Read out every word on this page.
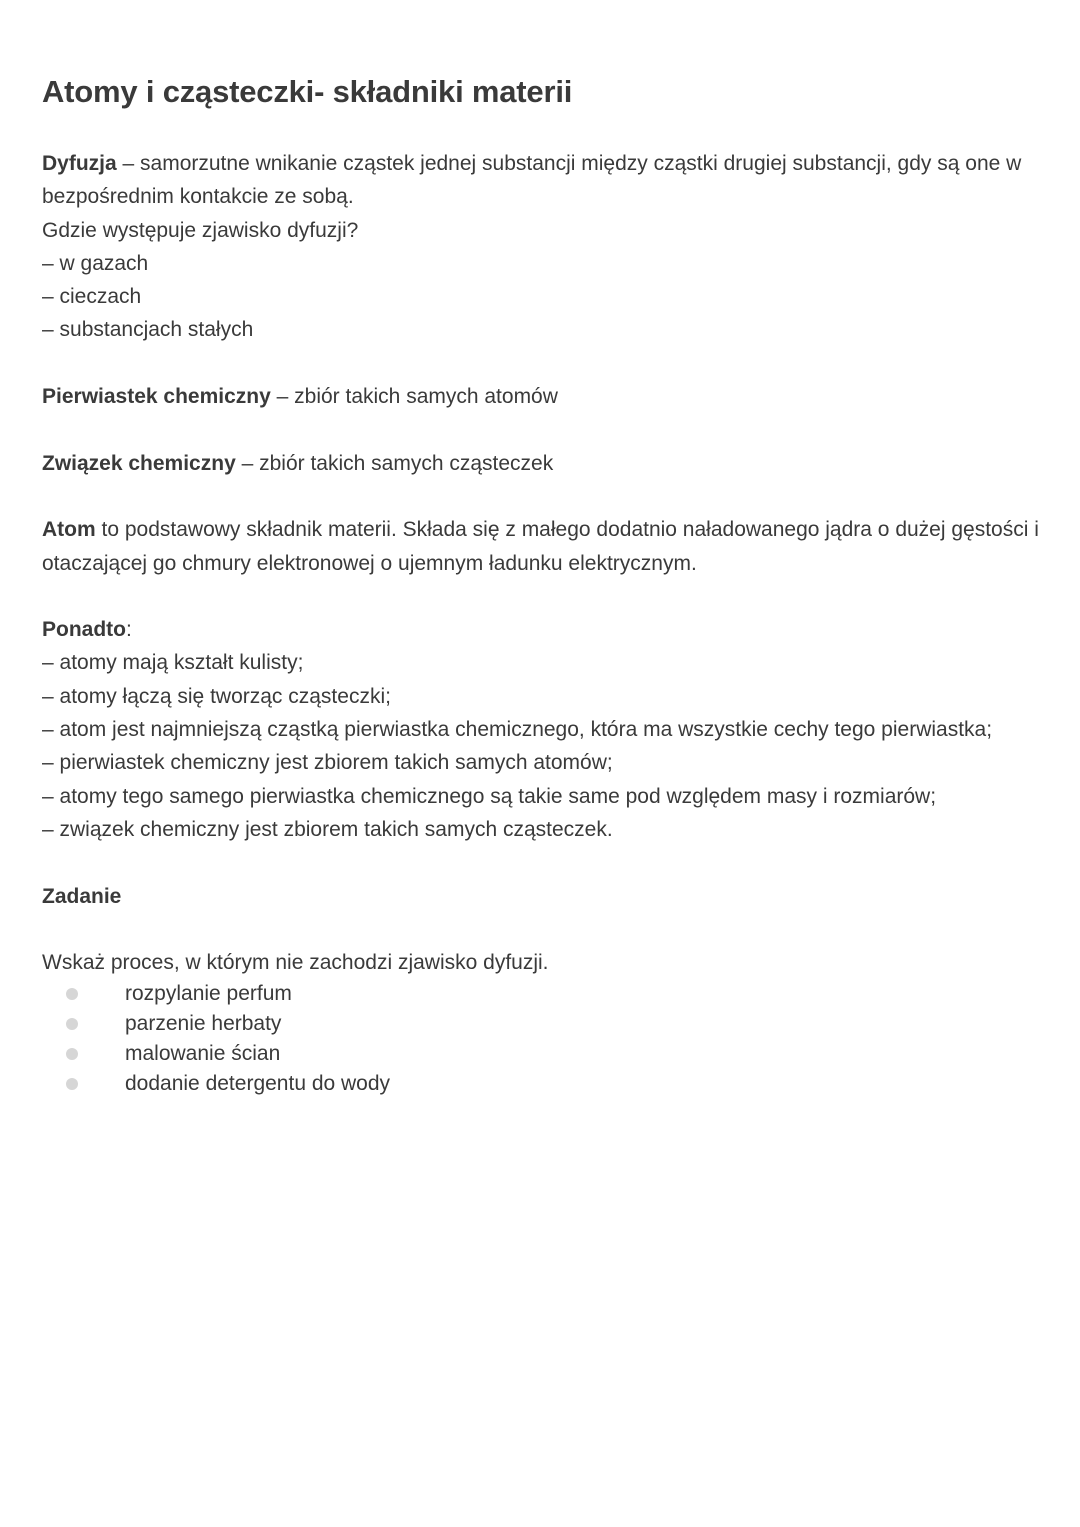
Atomy i cząsteczki- składniki materii

Dyfuzja – samorzutne wnikanie cząstek jednej substancji między cząstki drugiej substancji, gdy są one w bezpośrednim kontakcie ze sobą.

Gdzie występuje zjawisko dyfuzji?

– w gazach

– cieczach

– substancjach stałych

Pierwiastek chemiczny – zbiór takich samych atomów

Związek chemiczny – zbiór takich samych cząsteczek

Atom to podstawowy składnik materii. Składa się z małego dodatnio naładowanego jądra o dużej gęstości i otaczającej go chmury elektronowej o ujemnym ładunku elektrycznym.

Ponadto:

– atomy mają kształt kulisty;

– atomy łączą się tworząc cząsteczki;

– atom jest najmniejszą cząstką pierwiastka chemicznego, która ma wszystkie cechy tego pierwiastka;

– pierwiastek chemiczny jest zbiorem takich samych atomów;

– atomy tego samego pierwiastka chemicznego są takie same pod względem masy i rozmiarów;

– związek chemiczny jest zbiorem takich samych cząsteczek.

Zadanie

Wskaż proces, w którym nie zachodzi zjawisko dyfuzji.

rozpylanie perfum
parzenie herbaty
malowanie ścian
dodanie detergentu do wody
